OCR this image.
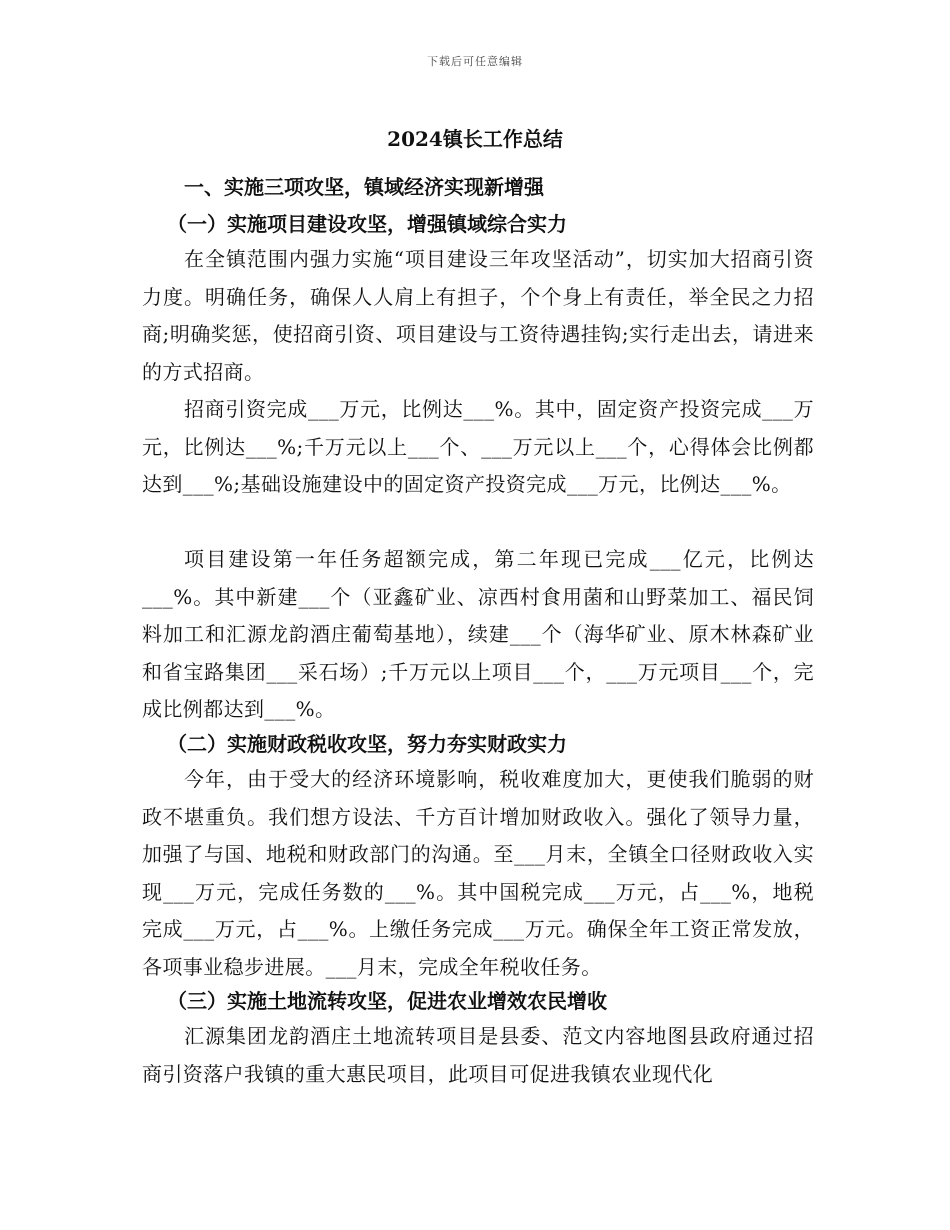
下载后可任意编辑
2024镇长工作总结
一、实施三项攻坚，镇域经济实现新增强
（一）实施项目建设攻坚，增强镇域综合实力
在全镇范围内强力实施“项目建设三年攻坚活动”，切实加大招商引资力度。明确任务，确保人人肩上有担子，个个身上有责任，举全民之力招商;明确奖惩，使招商引资、项目建设与工资待遇挂钩;实行走出去，请进来的方式招商。
招商引资完成___万元，比例达___%。其中，固定资产投资完成___万元，比例达___%;千万元以上___个、___万元以上___个，心得体会比例都达到___%;基础设施建设中的固定资产投资完成___万元，比例达___%。
项目建设第一年任务超额完成，第二年现已完成___亿元，比例达___%。其中新建___个（亚鑫矿业、凉西村食用菌和山野菜加工、福民饲料加工和汇源龙韵酒庄葡萄基地），续建___个（海华矿业、原木林森矿业和省宝路集团___采石场）;千万元以上项目___个，___万元项目___个，完成比例都达到___%。
（二）实施财政税收攻坚，努力夯实财政实力
今年，由于受大的经济环境影响，税收难度加大，更使我们脆弱的财政不堪重负。我们想方设法、千方百计增加财政收入。强化了领导力量，加强了与国、地税和财政部门的沟通。至___月末，全镇全口径财政收入实现___万元，完成任务数的___%。其中国税完成___万元，占___%，地税完成___万元，占___%。上缴任务完成___万元。确保全年工资正常发放，各项事业稳步进展。___月末，完成全年税收任务。
（三）实施土地流转攻坚，促进农业增效农民增收
汇源集团龙韵酒庄土地流转项目是县委、范文内容地图县政府通过招商引资落户我镇的重大惠民项目，此项目可促进我镇农业现代化
